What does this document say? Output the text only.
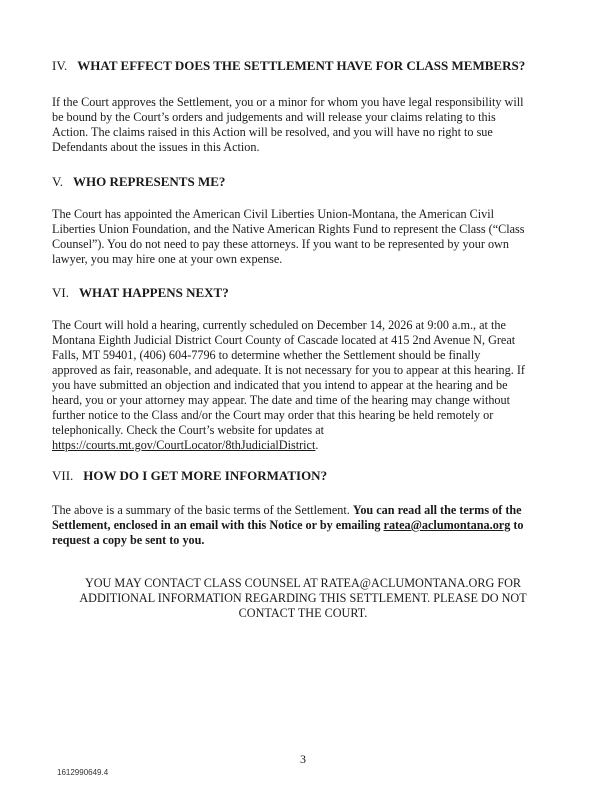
IV. WHAT EFFECT DOES THE SETTLEMENT HAVE FOR CLASS MEMBERS?
If the Court approves the Settlement, you or a minor for whom you have legal responsibility will
be bound by the Court’s orders and judgements and will release your claims relating to this
Action. The claims raised in this Action will be resolved, and you will have no right to sue
Defendants about the issues in this Action.
V. WHO REPRESENTS ME?
The Court has appointed the American Civil Liberties Union-Montana, the American Civil
Liberties Union Foundation, and the Native American Rights Fund to represent the Class (“Class
Counsel”). You do not need to pay these attorneys. If you want to be represented by your own
lawyer, you may hire one at your own expense.
VI. WHAT HAPPENS NEXT?
The Court will hold a hearing, currently scheduled on December 14, 2026 at 9:00 a.m., at the
Montana Eighth Judicial District Court County of Cascade located at 415 2nd Avenue N, Great
Falls, MT 59401, (406) 604-7796 to determine whether the Settlement should be finally
approved as fair, reasonable, and adequate. It is not necessary for you to appear at this hearing. If
you have submitted an objection and indicated that you intend to appear at the hearing and be
heard, you or your attorney may appear. The date and time of the hearing may change without
further notice to the Class and/or the Court may order that this hearing be held remotely or
telephonically. Check the Court’s website for updates at
https://courts.mt.gov/CourtLocator/8thJudicialDistrict.
VII. HOW DO I GET MORE INFORMATION?
The above is a summary of the basic terms of the Settlement. You can read all the terms of the
Settlement, enclosed in an email with this Notice or by emailing ratea@aclumontana.org to
request a copy be sent to you.
YOU MAY CONTACT CLASS COUNSEL AT RATEA@ACLUMONTANA.ORG FOR
ADDITIONAL INFORMATION REGARDING THIS SETTLEMENT. PLEASE DO NOT
CONTACT THE COURT.
3
1612990649.4
